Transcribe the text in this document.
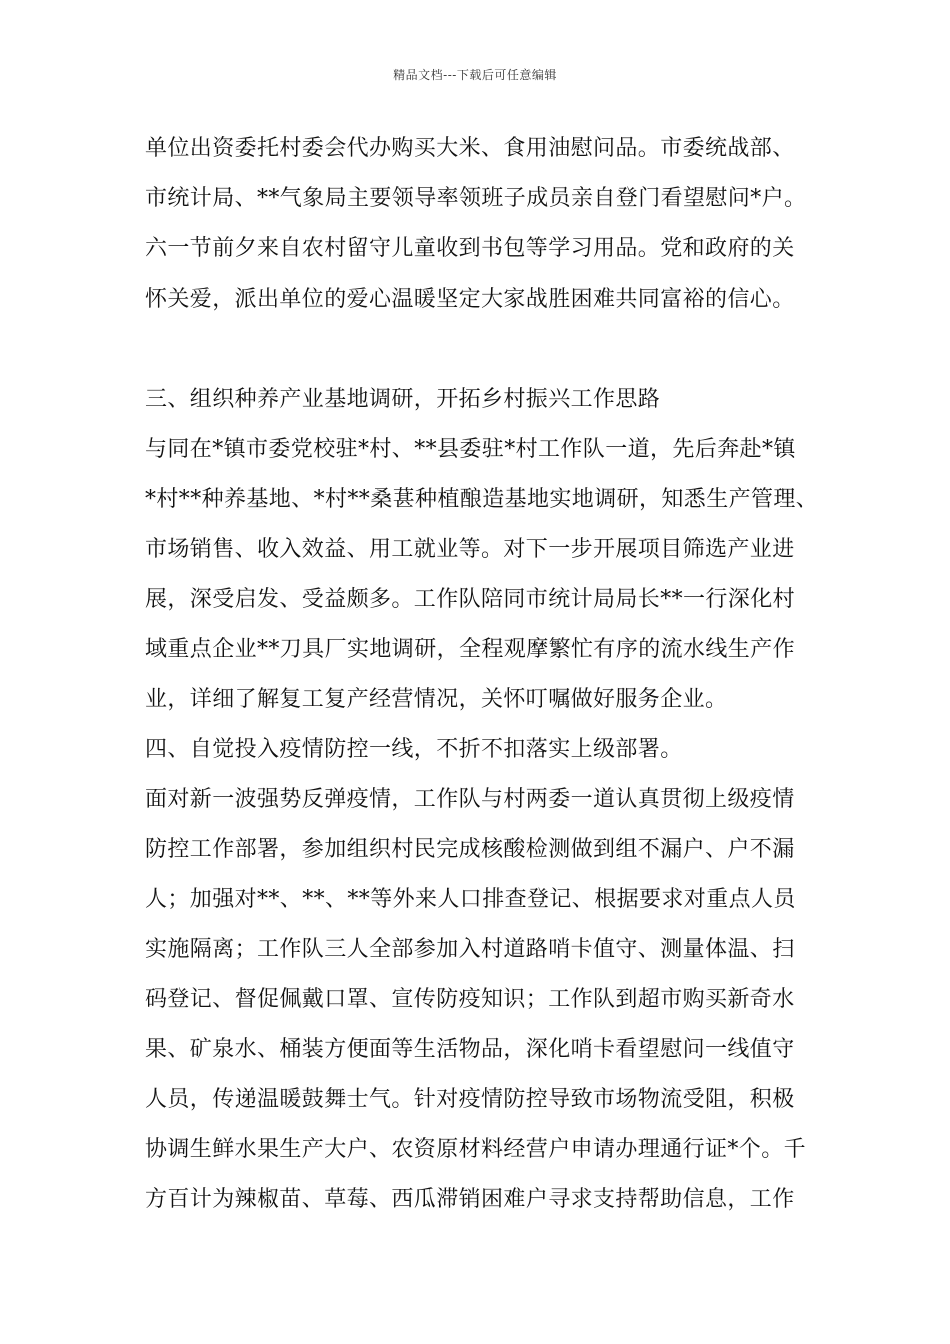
精品文档---下载后可任意编辑
单位出资委托村委会代办购买大米、食用油慰问品。市委统战部、
市统计局、**气象局主要领导率领班子成员亲自登门看望慰问*户。
六一节前夕来自农村留守儿童收到书包等学习用品。党和政府的关
怀关爱，派出单位的爱心温暖坚定大家战胜困难共同富裕的信心。
三、组织种养产业基地调研，开拓乡村振兴工作思路
与同在*镇市委党校驻*村、**县委驻*村工作队一道，先后奔赴*镇
*村**种养基地、*村**桑葚种植酿造基地实地调研，知悉生产管理、
市场销售、收入效益、用工就业等。对下一步开展项目筛选产业进
展，深受启发、受益颇多。工作队陪同市统计局局长**一行深化村
域重点企业**刀具厂实地调研，全程观摩繁忙有序的流水线生产作
业，详细了解复工复产经营情况，关怀叮嘱做好服务企业。
四、自觉投入疫情防控一线，不折不扣落实上级部署。
面对新一波强势反弹疫情，工作队与村两委一道认真贯彻上级疫情
防控工作部署，参加组织村民完成核酸检测做到组不漏户、户不漏
人；加强对**、**、**等外来人口排查登记、根据要求对重点人员
实施隔离；工作队三人全部参加入村道路哨卡值守、测量体温、扫
码登记、督促佩戴口罩、宣传防疫知识；工作队到超市购买新奇水
果、矿泉水、桶装方便面等生活物品，深化哨卡看望慰问一线值守
人员，传递温暖鼓舞士气。针对疫情防控导致市场物流受阻，积极
协调生鲜水果生产大户、农资原材料经营户申请办理通行证*个。千
方百计为辣椒苗、草莓、西瓜滞销困难户寻求支持帮助信息，工作
